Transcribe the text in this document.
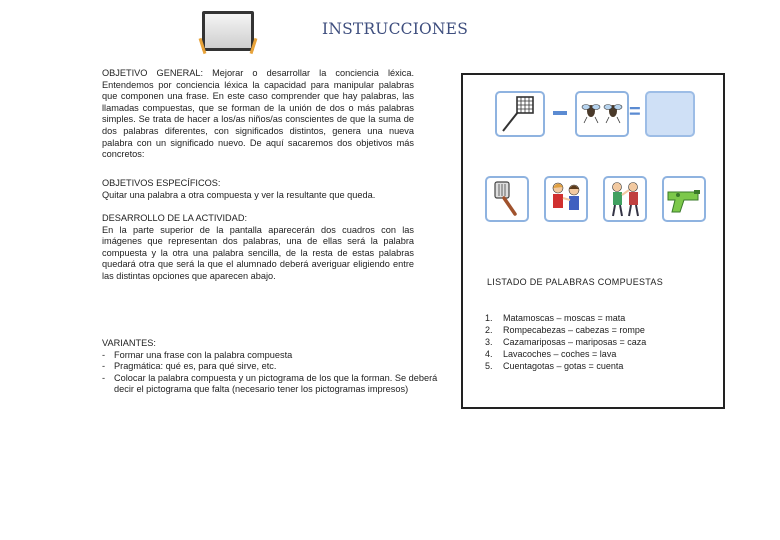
INSTRUCCIONES

OBJETIVO GENERAL: Mejorar o desarrollar la conciencia léxica. Entendemos por conciencia léxica la capacidad para manipular palabras que componen una frase. En este caso comprender que hay palabras, las llamadas compuestas, que se forman de la unión de dos o más palabras simples. Se trata de hacer a los/as niños/as conscientes de que la suma de dos palabras diferentes, con significados distintos, genera una nueva palabra con un significado nuevo. De aquí sacaremos dos objetivos más concretos:

OBJETIVOS ESPECÍFICOS:

Quitar una palabra a otra compuesta y ver la resultante que queda.

DESARROLLO DE LA ACTIVIDAD:

En la parte superior de la pantalla aparecerán dos cuadros con las imágenes que representan dos palabras, una de ellas será la palabra compuesta y la otra una palabra sencilla, de la resta de estas palabras quedará otra que será la que el alumnado deberá averiguar eligiendo entre las distintas opciones que aparecen abajo.

VARIANTES:

- Formar una frase con la palabra compuesta
- Pragmática: qué es, para qué sirve, etc.
- Colocar la palabra compuesta y un pictograma de los que la forman. Se deberá decir el pictograma que falta (necesario tener los pictogramas impresos)
=
LISTADO DE PALABRAS COMPUESTAS
1.	Matamoscas – moscas = mata
2.	Rompecabezas – cabezas = rompe
3.	Cazamariposas – mariposas = caza
4.	Lavacoches – coches = lava
5.	Cuentagotas – gotas = cuenta
